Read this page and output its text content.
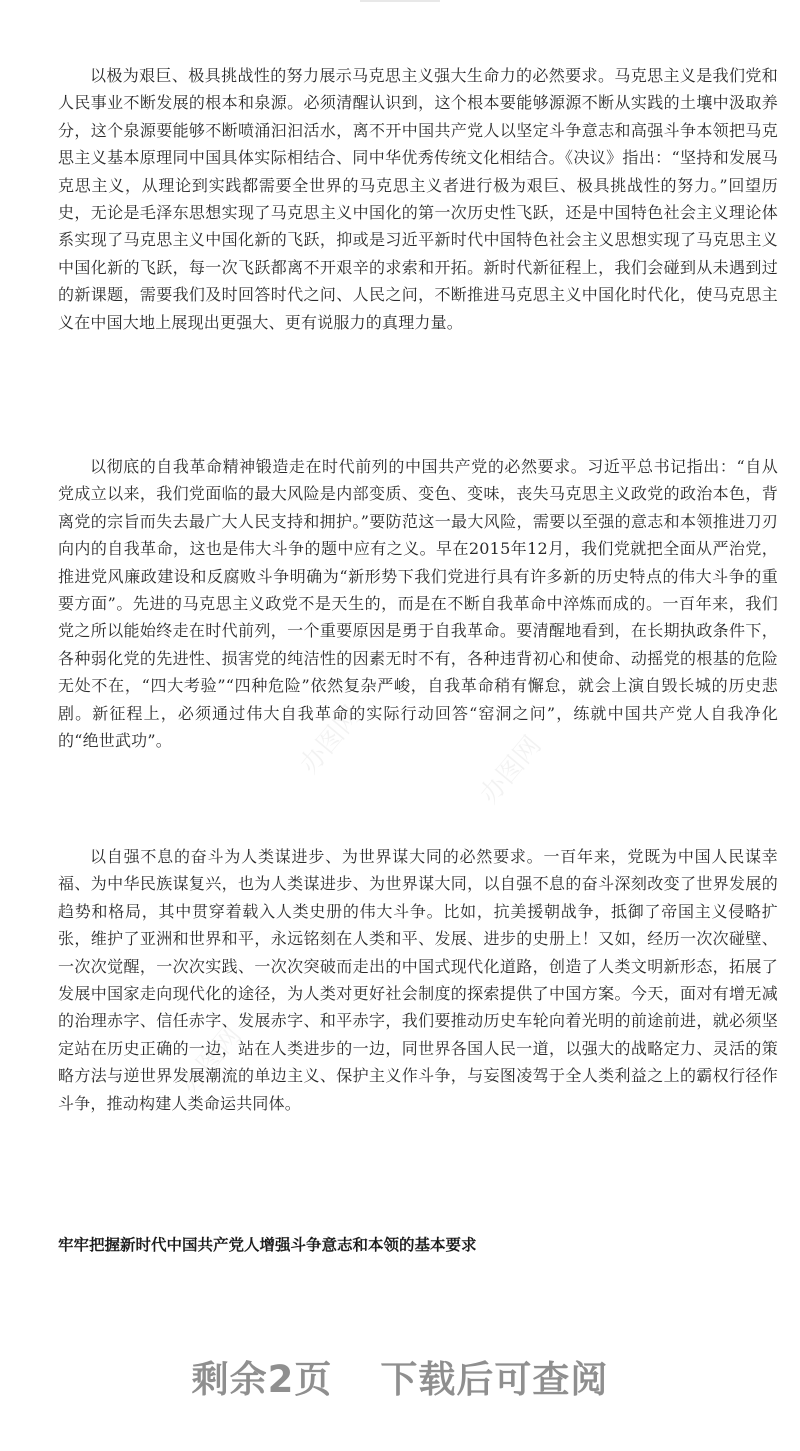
以极为艰巨、极具挑战性的努力展示马克思主义强大生命力的必然要求。马克思主义是我们党和人民事业不断发展的根本和泉源。必须清醒认识到，这个根本要能够源源不断从实践的土壤中汲取养分，这个泉源要能够不断喷涌汩汩活水，离不开中国共产党人以坚定斗争意志和高强斗争本领把马克思主义基本原理同中国具体实际相结合、同中华优秀传统文化相结合。《决议》指出：“坚持和发展马克思主义，从理论到实践都需要全世界的马克思主义者进行极为艰巨、极具挑战性的努力。”回望历史，无论是毛泽东思想实现了马克思主义中国化的第一次历史性飞跃，还是中国特色社会主义理论体系实现了马克思主义中国化新的飞跃，抑或是习近平新时代中国特色社会主义思想实现了马克思主义中国化新的飞跃，每一次飞跃都离不开艰辛的求索和开拓。新时代新征程上，我们会碰到从未遇到过的新课题，需要我们及时回答时代之问、人民之问，不断推进马克思主义中国化时代化，使马克思主义在中国大地上展现出更强大、更有说服力的真理力量。

以彻底的自我革命精神锻造走在时代前列的中国共产党的必然要求。习近平总书记指出：“自从党成立以来，我们党面临的最大风险是内部变质、变色、变味，丧失马克思主义政党的政治本色，背离党的宗旨而失去最广大人民支持和拥护。”要防范这一最大风险，需要以至强的意志和本领推进刀刃向内的自我革命，这也是伟大斗争的题中应有之义。早在2015年12月，我们党就把全面从严治党，推进党风廉政建设和反腐败斗争明确为“新形势下我们党进行具有许多新的历史特点的伟大斗争的重要方面”。先进的马克思主义政党不是天生的，而是在不断自我革命中淬炼而成的。一百年来，我们党之所以能始终走在时代前列，一个重要原因是勇于自我革命。要清醒地看到，在长期执政条件下，各种弱化党的先进性、损害党的纯洁性的因素无时不有，各种违背初心和使命、动摇党的根基的危险无处不在，“四大考验”“四种危险”依然复杂严峻，自我革命稍有懈怠，就会上演自毁长城的历史悲剧。新征程上，必须通过伟大自我革命的实际行动回答“窑洞之问”，练就中国共产党人自我净化的“绝世武功”。

以自强不息的奋斗为人类谋进步、为世界谋大同的必然要求。一百年来，党既为中国人民谋幸福、为中华民族谋复兴，也为人类谋进步、为世界谋大同，以自强不息的奋斗深刻改变了世界发展的趋势和格局，其中贯穿着载入人类史册的伟大斗争。比如，抗美援朝战争，抵御了帝国主义侵略扩张，维护了亚洲和世界和平，永远铭刻在人类和平、发展、进步的史册上！又如，经历一次次碰壁、一次次觉醒，一次次实践、一次次突破而走出的中国式现代化道路，创造了人类文明新形态，拓展了发展中国家走向现代化的途径，为人类对更好社会制度的探索提供了中国方案。今天，面对有增无减的治理赤字、信任赤字、发展赤字、和平赤字，我们要推动历史车轮向着光明的前途前进，就必须坚定站在历史正确的一边，站在人类进步的一边，同世界各国人民一道，以强大的战略定力、灵活的策略方法与逆世界发展潮流的单边主义、保护主义作斗争，与妄图凌驾于全人类利益之上的霸权行径作斗争，推动构建人类命运共同体。

牢牢把握新时代中国共产党人增强斗争意志和本领的基本要求
办图网	办图网
办图网
剩余2页 下载后可查阅
